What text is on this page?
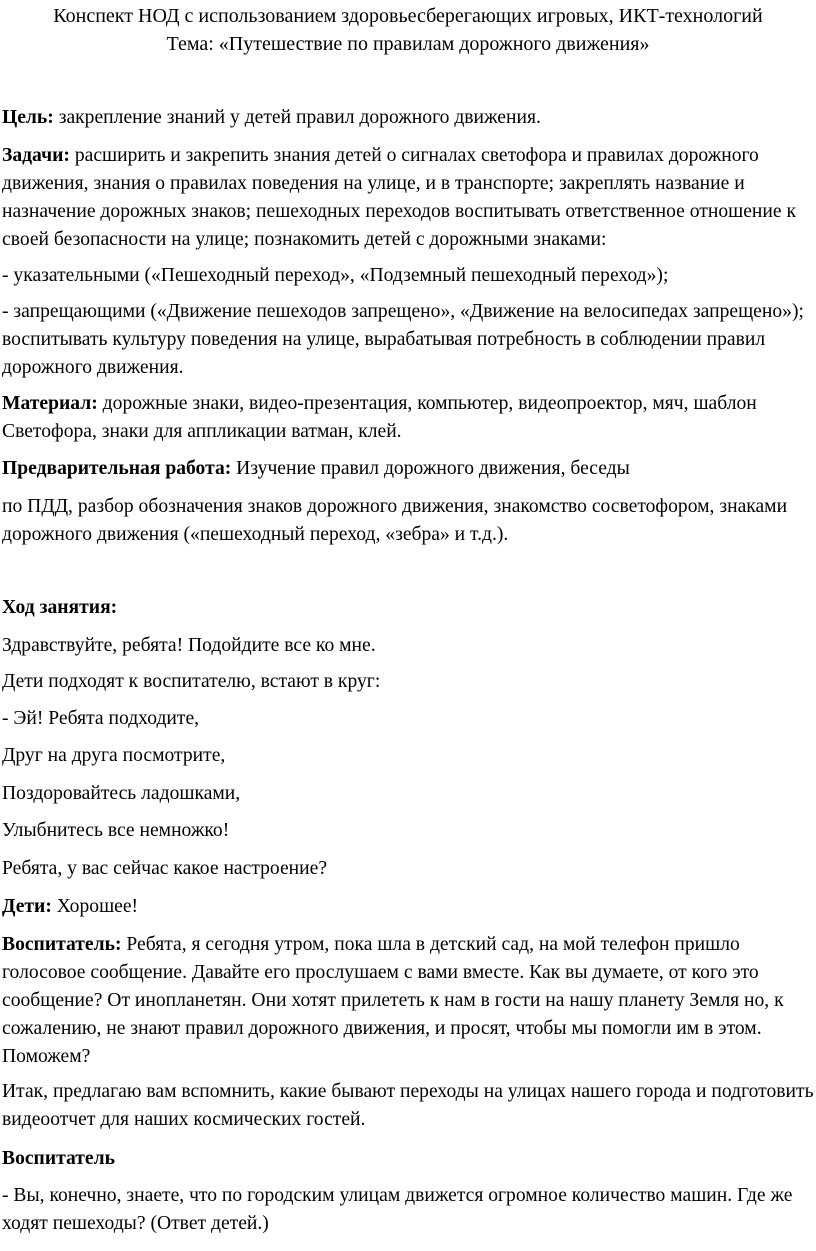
Конспект НОД с использованием здоровьесберегающих игровых, ИКТ-технологий
Тема: «Путешествие по правилам дорожного движения»

Цель: закрепление знаний у детей правил дорожного движения.

Задачи: расширить и закрепить знания детей о сигналах светофора и правилах дорожного движения, знания о правилах поведения на улице, и в транспорте; закреплять название и назначение дорожных знаков; пешеходных переходов воспитывать ответственное отношение к своей безопасности на улице; познакомить детей с дорожными знаками:

- указательными («Пешеходный переход», «Подземный пешеходный переход»);

- запрещающими («Движение пешеходов запрещено», «Движение на велосипедах запрещено»); воспитывать культуру поведения на улице, вырабатывая потребность в соблюдении правил дорожного движения.

Материал: дорожные знаки, видео-презентация, компьютер, видеопроектор, мяч, шаблон Светофора, знаки для аппликации ватман, клей.

Предварительная работа: Изучение правил дорожного движения, беседы

по ПДД, разбор обозначения знаков дорожного движения, знакомство сосветофором, знаками дорожного движения («пешеходный переход, «зебра» и т.д.).

Ход занятия:

Здравствуйте, ребята! Подойдите все ко мне.

Дети подходят к воспитателю, встают в круг:

- Эй! Ребята подходите,

Друг на друга посмотрите,

Поздоровайтесь ладошками,

Улыбнитесь все немножко!

Ребята, у вас сейчас какое настроение?

Дети: Хорошее!

Воспитатель: Ребята, я сегодня утром, пока шла в детский сад, на мой телефон пришло голосовое сообщение. Давайте его прослушаем с вами вместе. Как вы думаете, от кого это сообщение? От инопланетян. Они хотят прилететь к нам в гости на нашу планету Земля но, к сожалению, не знают правил дорожного движения, и просят, чтобы мы помогли им в этом. Поможем?

Итак, предлагаю вам вспомнить, какие бывают переходы на улицах нашего города и подготовить видеоотчет для наших космических гостей.

Воспитатель

- Вы, конечно, знаете, что по городским улицам движется огромное количество машин. Где же ходят пешеходы? (Ответ детей.)
